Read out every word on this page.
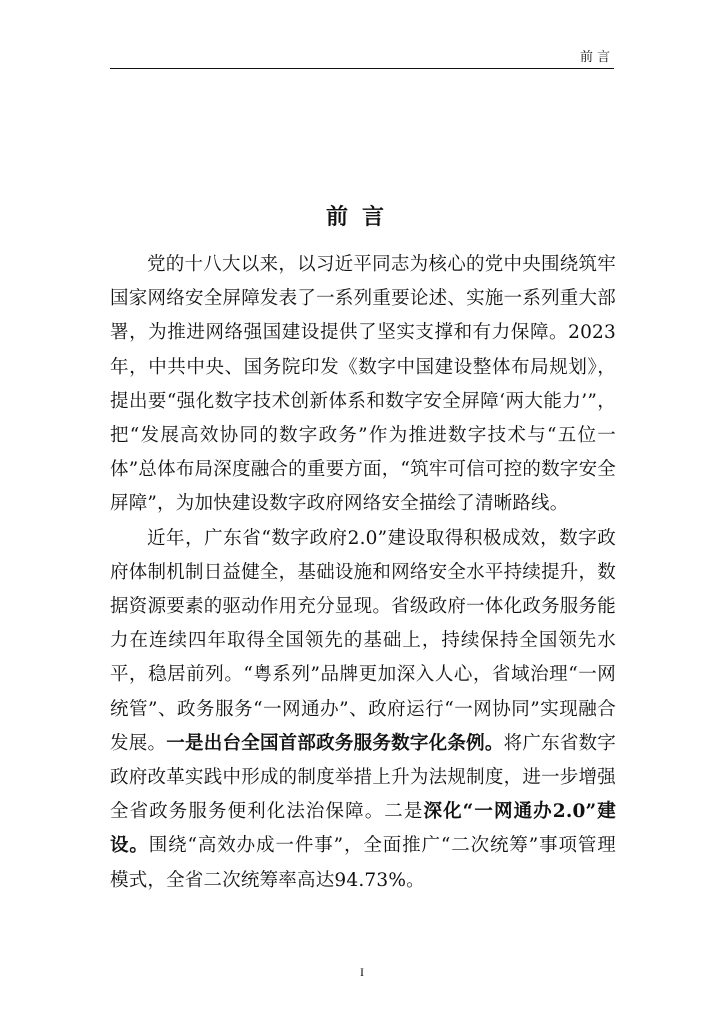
前言
前言

党的十八大以来，以习近平同志为核心的党中央围绕筑牢国家网络安全屏障发表了一系列重要论述、实施一系列重大部署，为推进网络强国建设提供了坚实支撑和有力保障。2023年，中共中央、国务院印发《数字中国建设整体布局规划》，提出要“强化数字技术创新体系和数字安全屏障‘两大能力’”，把“发展高效协同的数字政务”作为推进数字技术与“五位一体”总体布局深度融合的重要方面，“筑牢可信可控的数字安全屏障”，为加快建设数字政府网络安全描绘了清晰路线。

近年，广东省“数字政府2.0”建设取得积极成效，数字政府体制机制日益健全，基础设施和网络安全水平持续提升，数据资源要素的驱动作用充分显现。省级政府一体化政务服务能力在连续四年取得全国领先的基础上，持续保持全国领先水平，稳居前列。“粤系列”品牌更加深入人心，省域治理“一网统管”、政务服务“一网通办”、政府运行“一网协同”实现融合发展。一是出台全国首部政务服务数字化条例。将广东省数字政府改革实践中形成的制度举措上升为法规制度，进一步增强全省政务服务便利化法治保障。二是深化“一网通办2.0”建设。围绕“高效办成一件事”，全面推广“二次统筹”事项管理模式，全省二次统筹率高达94.73%。

I
